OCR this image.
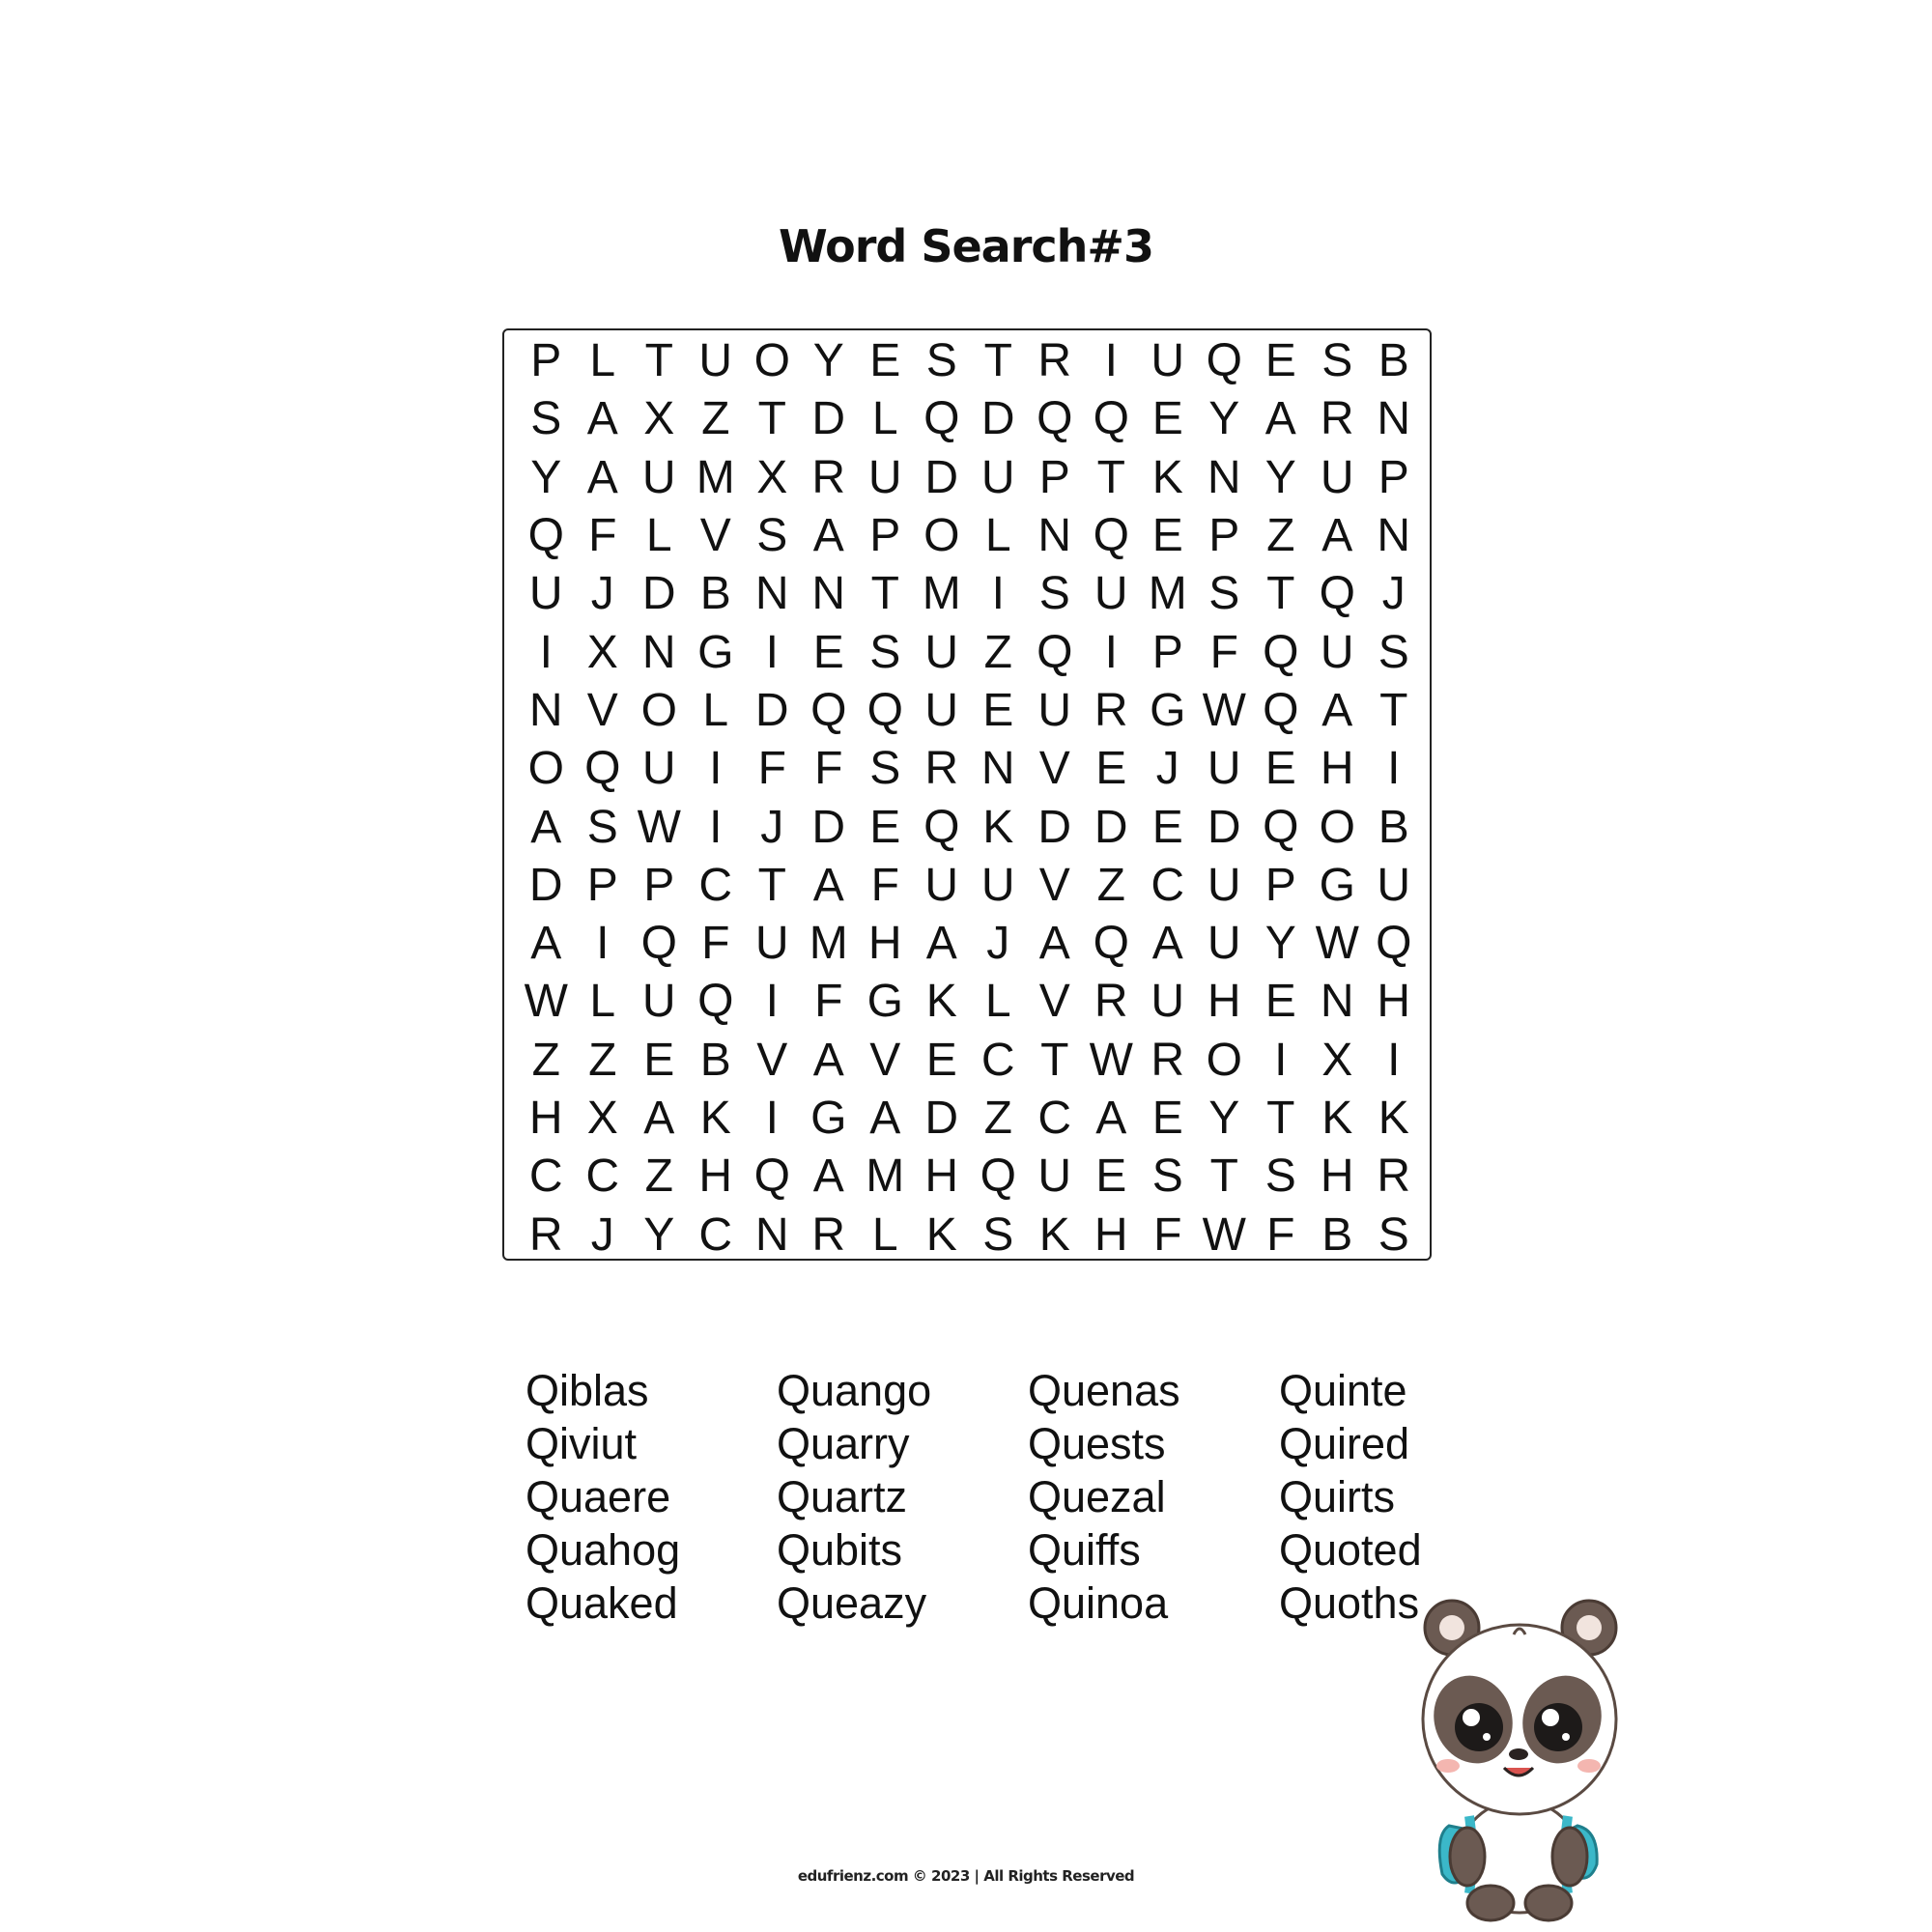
Word Search#3
P L T U O Y E S T R I U Q E S B
S A X Z T D L Q D Q Q E Y A R N
Y A U M X R U D U P T K N Y U P
Q F L V S A P O L N Q E P Z A N
U J D B N N T M I S U M S T Q J
I X N G I E S U Z Q I P F Q U S
N V O L D Q Q U E U R G W Q A T
O Q U I F F S R N V E J U E H I
A S W I J D E Q K D D E D Q O B
D P P C T A F U U V Z C U P G U
A I Q F U M H A J A Q A U Y W Q
W L U Q I F G K L V R U H E N H
Z Z E B V A V E C T W R O I X I
H X A K I G A D Z C A E Y T K K
C C Z H Q A M H Q U E S T S H R
R J Y C N R L K S K H F W F B S
Qiblas
Qiviut
Quaere
Quahog
Quaked
Quango
Quarry
Quartz
Qubits
Queazy
Quenas
Quests
Quezal
Quiffs
Quinoa
Quinte
Quired
Quirts
Quoted
Quoths
edufrienz.com © 2023 | All Rights Reserved
